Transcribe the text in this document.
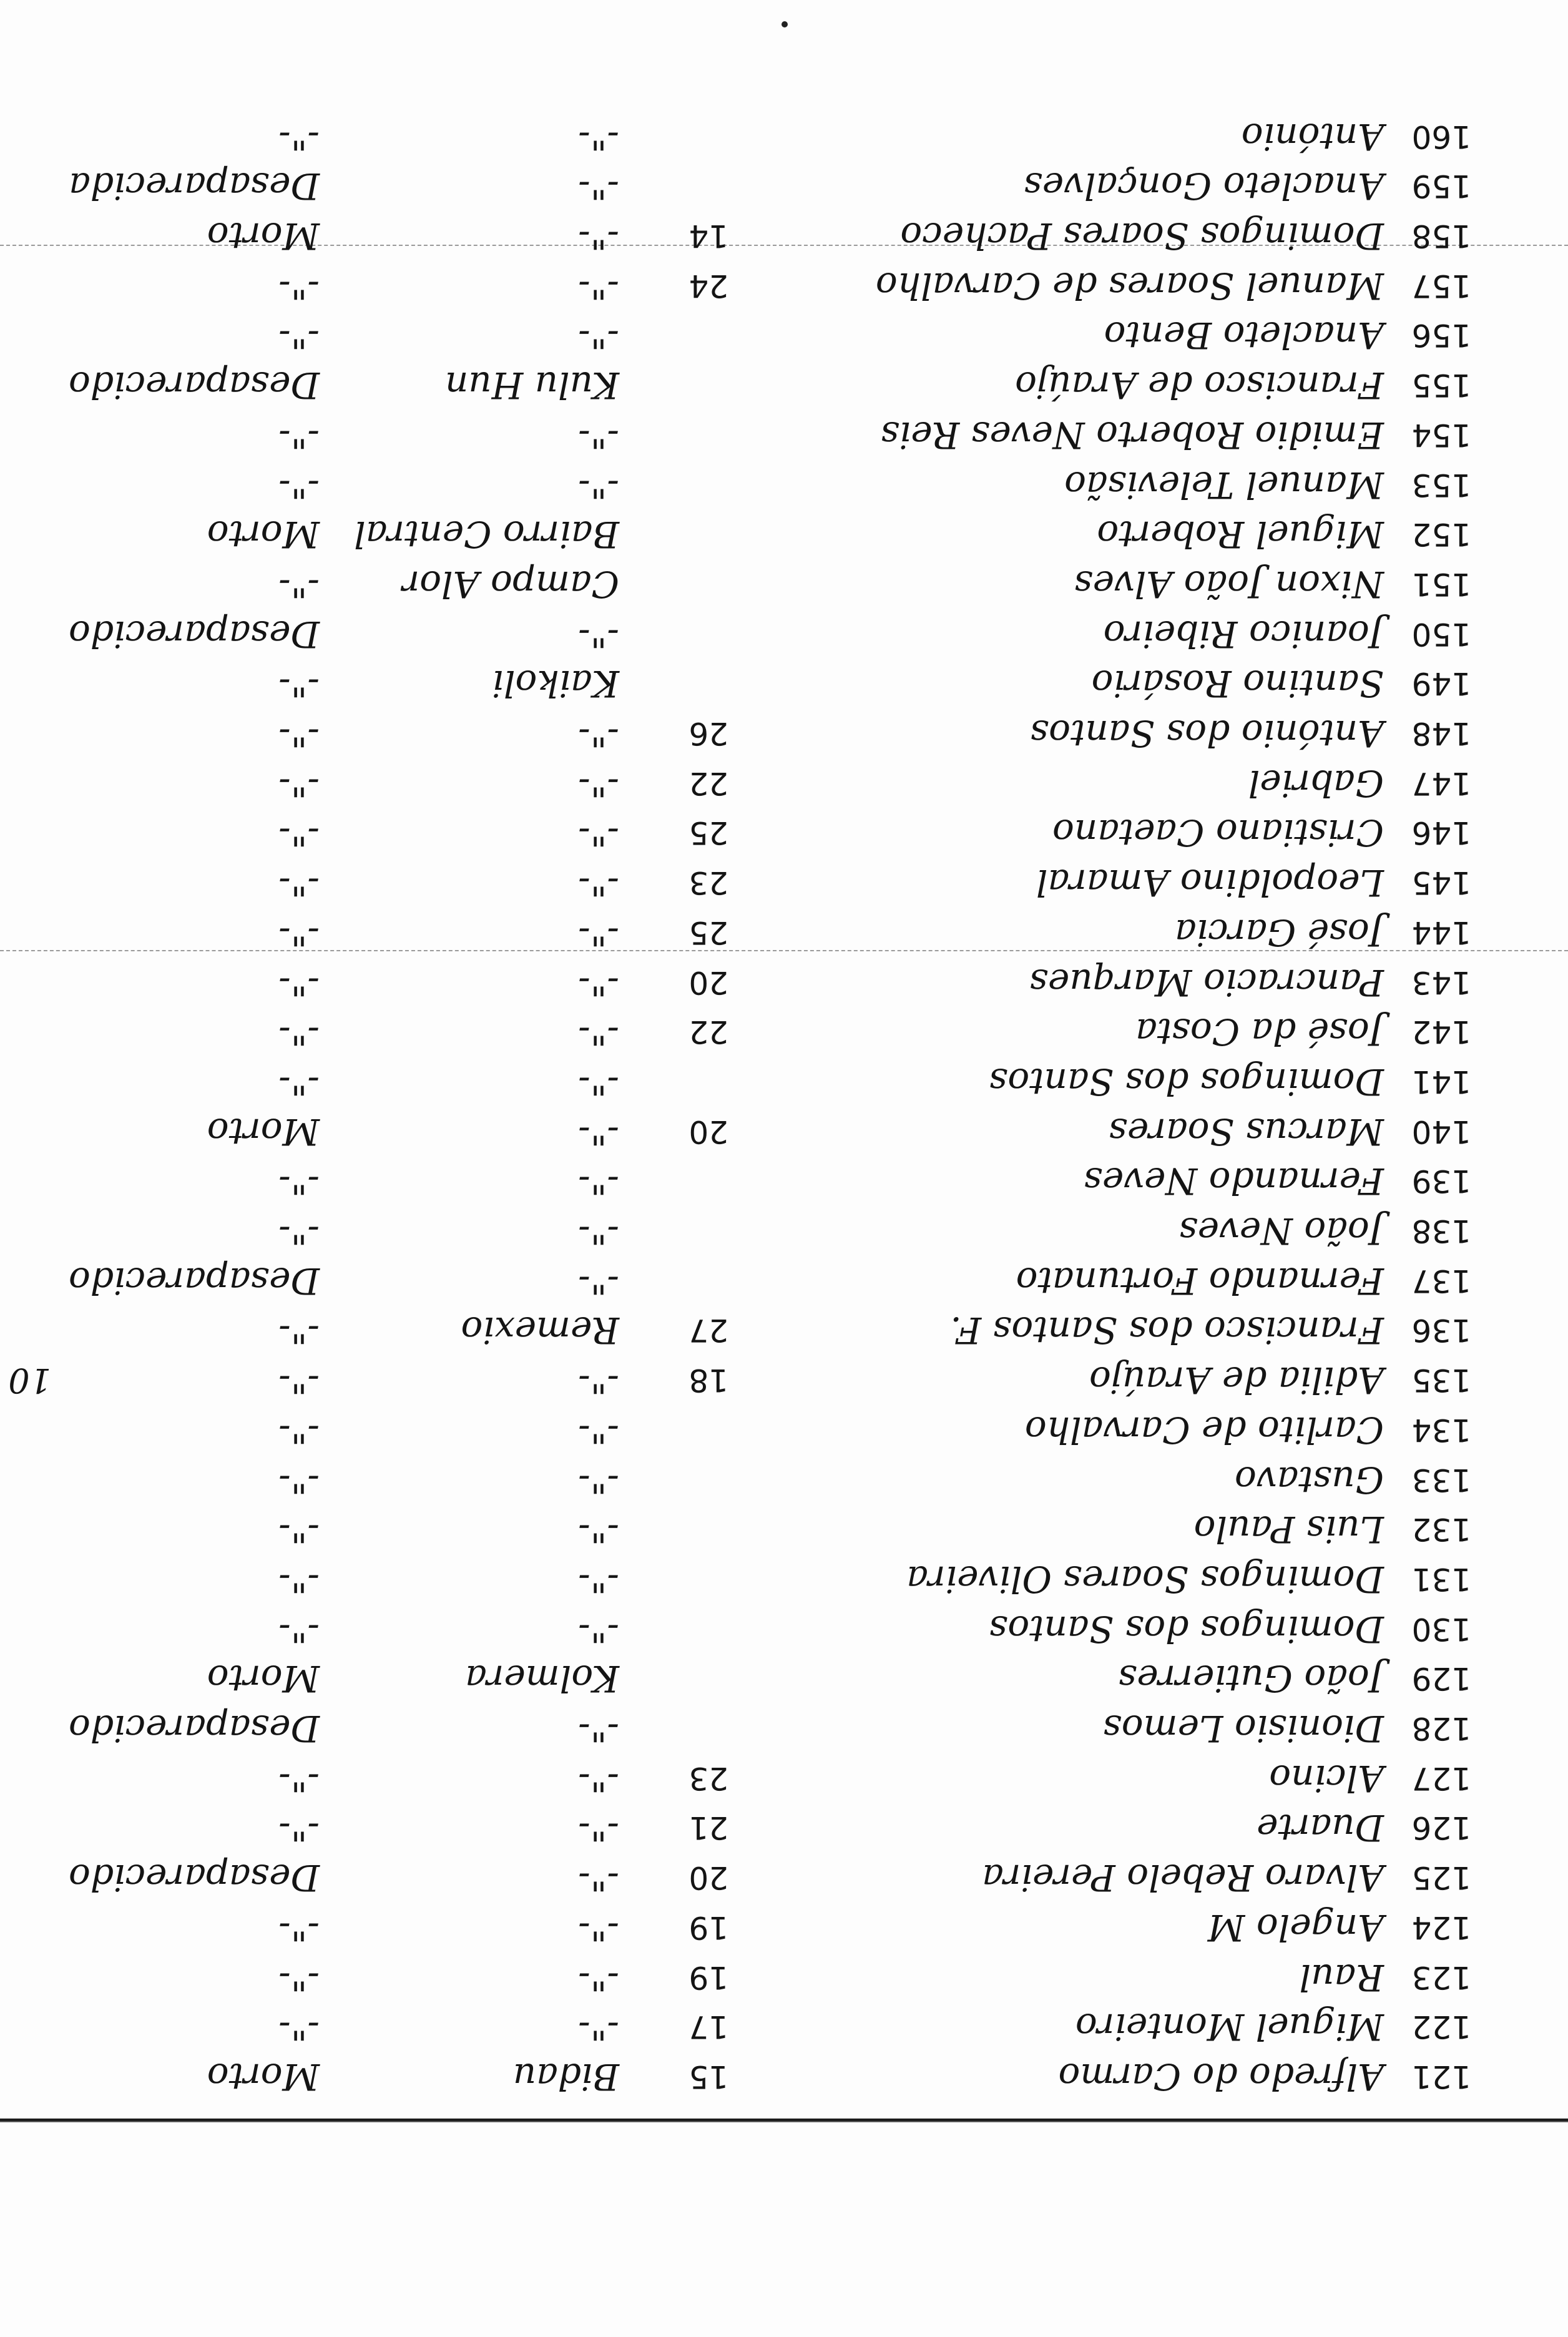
121
Alfredo do Carmo
15
Bidau
Morto
122
Miguel Monteiro
17
-"-
-"-
123
Raul
19
-"-
-"-
124
Angelo M
19
-"-
-"-
125
Alvaro Rebelo Pereira
20
-"-
Desaparecido
126
Duarte
21
-"-
-"-
127
Alcino
23
-"-
-"-
128
Dionisio Lemos
-"-
Desaparecido
129
João Gutierres
Kolmera
Morto
130
Domingos dos Santos
-"-
-"-
131
Domingos Soares Oliveira
-"-
-"-
132
Luis Paulo
-"-
-"-
133
Gustavo
-"-
-"-
134
Carlito de Carvalho
-"-
-"-
135
Adilia de Araújo
18
-"-
-"-
10
136
Francisco dos Santos F.
27
Remexio
-"-
137
Fernando Fortunato
-"-
Desaparecido
138
João Neves
-"-
-"-
139
Fernando Neves
-"-
-"-
140
Marcus Soares
20
-"-
Morto
141
Domingos dos Santos
-"-
-"-
142
José da Costa
22
-"-
-"-
143
Pancracio Marques
20
-"-
-"-
144
José Garcia
25
-"-
-"-
145
Leopoldino Amaral
23
-"-
-"-
146
Cristiano Caetano
25
-"-
-"-
147
Gabriel
22
-"-
-"-
148
António dos Santos
26
-"-
-"-
149
Santino Rosário
Kaikoli
-"-
150
Joanico Ribeiro
-"-
Desaparecido
151
Nixon João Alves
Campo Alor
-"-
152
Miguel Roberto
Bairro Central
Morto
153
Manuel Televisão
-"-
-"-
154
Emidio Roberto Neves Reis
-"-
-"-
155
Francisco de Araújo
Kulu Hun
Desaparecido
156
Anacleto Bento
-"-
-"-
157
Manuel Soares de Carvalho
24
-"-
-"-
158
Domingos Soares Pacheco
14
-"-
Morto
159
Anacleto Gonçalves
-"-
Desaparecida
160
António
-"-
-"-
